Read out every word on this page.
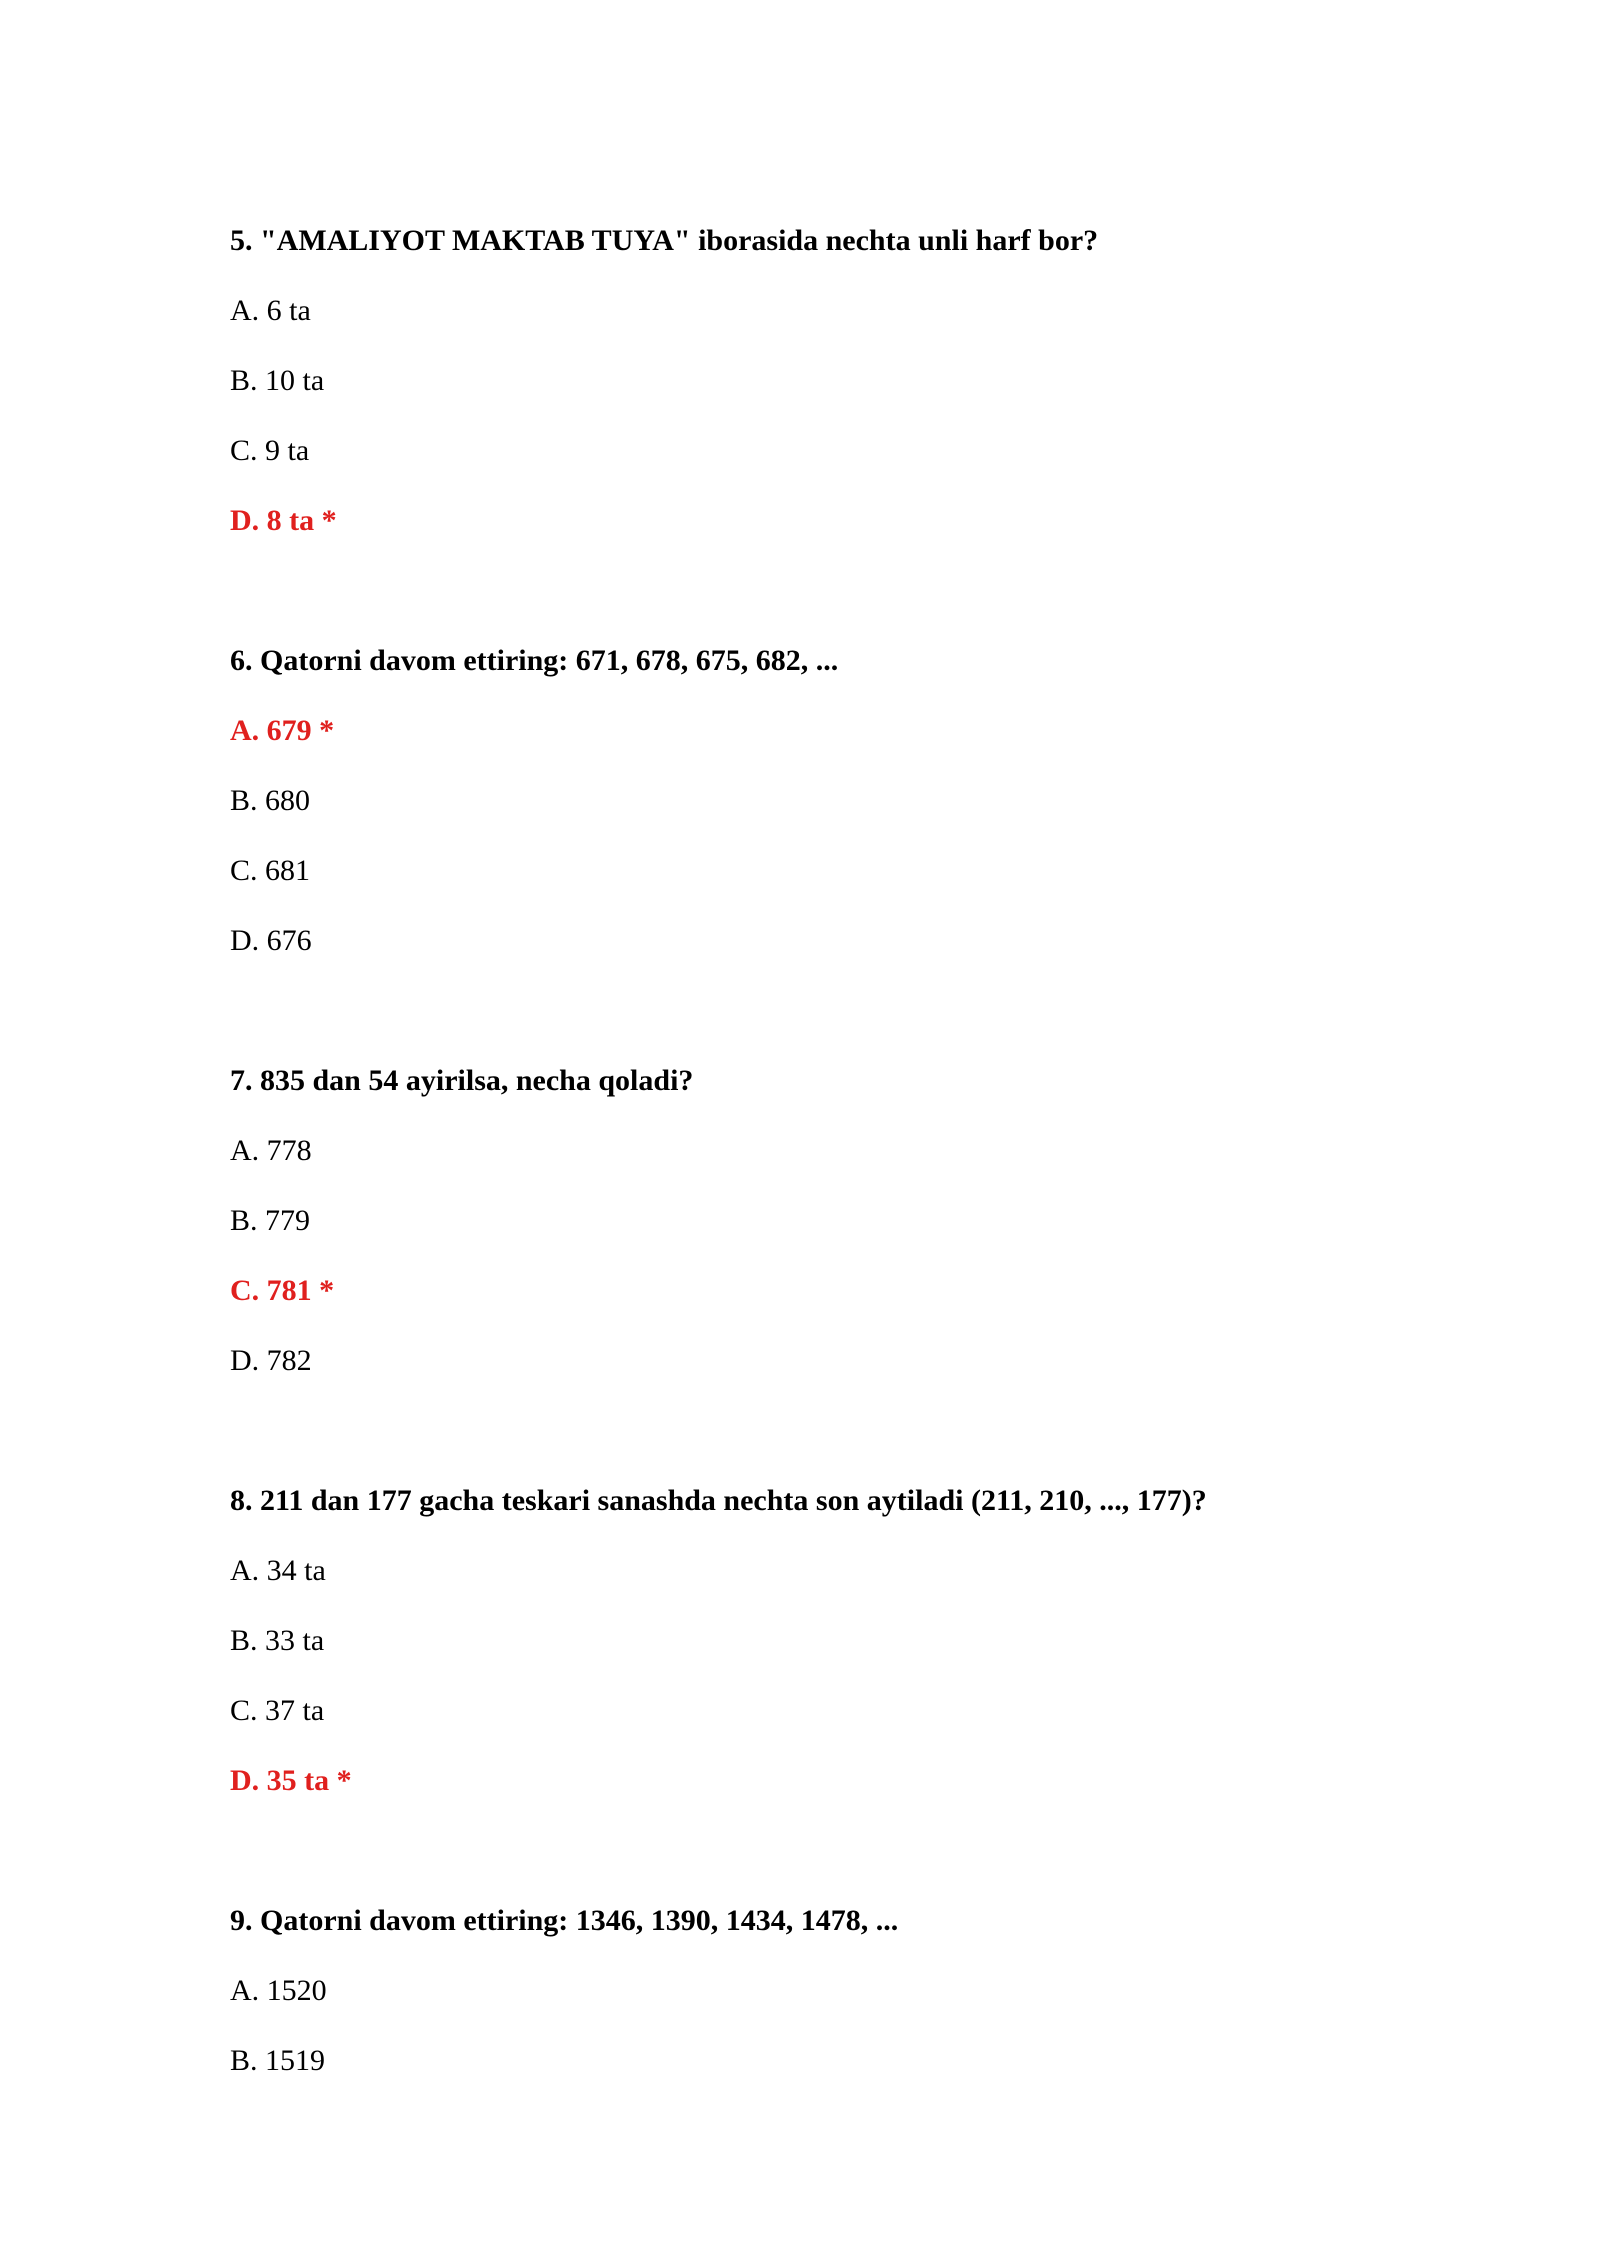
5. "AMALIYOT MAKTAB TUYA" iborasida nechta unli harf bor?
A. 6 ta
B. 10 ta
C. 9 ta
D. 8 ta *
6. Qatorni davom ettiring: 671, 678, 675, 682, ...
A. 679 *
B. 680
C. 681
D. 676
7. 835 dan 54 ayirilsa, necha qoladi?
A. 778
B. 779
C. 781 *
D. 782
8. 211 dan 177 gacha teskari sanashda nechta son aytiladi (211, 210, ..., 177)?
A. 34 ta
B. 33 ta
C. 37 ta
D. 35 ta *
9. Qatorni davom ettiring: 1346, 1390, 1434, 1478, ...
A. 1520
B. 1519
